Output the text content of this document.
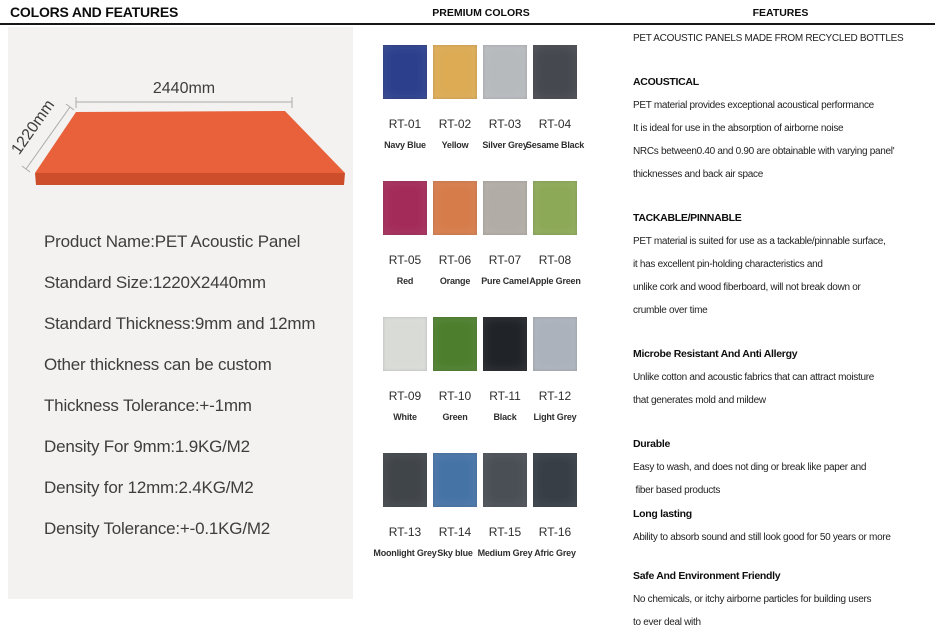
COLORS AND FEATURES	PREMIUM COLORS	FEATURES
2440mm
1220mm
Product Name:PET Acoustic Panel
Standard Size:1220X2440mm
Standard Thickness:9mm and 12mm
Other thickness can be custom
Thickness Tolerance:+-1mm
Density For 9mm:1.9KG/M2
Density for 12mm:2.4KG/M2
Density Tolerance:+-0.1KG/M2
RT-01
Navy Blue
RT-02
Yellow
RT-03
Silver Grey
RT-04
Sesame Black
RT-05
Red
RT-06
Orange
RT-07
Pure Camel
RT-08
Apple Green
RT-09
White
RT-10
Green
RT-11
Black
RT-12
Light Grey
RT-13
Moonlight Grey
RT-14
Sky blue
RT-15
Medium Grey
RT-16
Afric Grey
PET ACOUSTIC PANELS MADE FROM RECYCLED BOTTLES
ACOUSTICAL
PET material provides exceptional acoustical performance
It is ideal for use in the absorption of airborne noise
NRCs between0.40 and 0.90 are obtainable with varying panel'
thicknesses and back air space
TACKABLE/PINNABLE
PET material is suited for use as a tackable/pinnable surface,
it has excellent pin-holding characteristics and
unlike cork and wood fiberboard, will not break down or
crumble over time
Microbe Resistant And Anti Allergy
Unlike cotton and acoustic fabrics that can attract moisture
that generates mold and mildew
Durable
Easy to wash, and does not ding or break like paper and
fiber based products
Long lasting
Ability to absorb sound and still look good for 50 years or more
Safe And Environment Friendly
No chemicals, or itchy airborne particles for building users
to ever deal with
